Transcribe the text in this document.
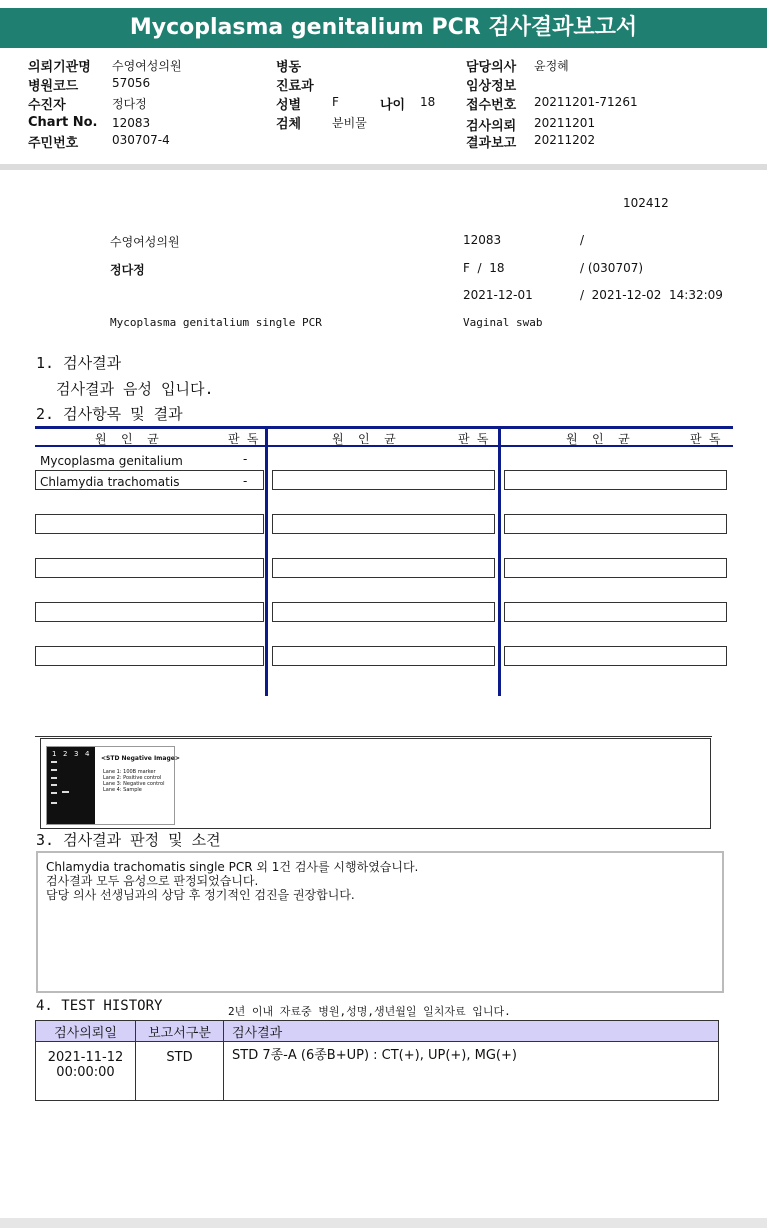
Mycoplasma genitalium PCR 검사결과보고서
의뢰기관명 수영여성의원
병원코드	57056
수진자	정다정
Chart No. 12083
주민번호	030707-4
병동
진료과
성별	F	나이 18
검체	분비물
담당의사 윤정혜
임상정보
접수번호 20211201-71261
검사의뢰 20211201
결과보고 20211202
102412
수영여성의원	12083	/
정다정	F  /  18	/ (030707)
2021-12-01	/  2021-12-02  14:32:09
Mycoplasma genitalium single PCR	Vaginal swab
1. 검사결과
검사결과 음성 입니다.
2. 검사항목 및 결과
원  인  균	판 독	원  인  균	판 독	원  인  균	판 독
Mycoplasma genitalium	-
Chlamydia trachomatis	-
1 2 3 4
<STD Negative Image>
Lane 1: 100B marker
Lane 2: Positive control
Lane 3: Negative control
Lane 4: Sample
3. 검사결과 판정 및 소견
Chlamydia trachomatis single PCR 외 1건 검사를 시행하였습니다.
검사결과 모두 음성으로 판정되었습니다.
담당 의사 선생님과의 상담 후 정기적인 검진을 권장합니다.
4. TEST HISTORY	2년 이내 자료중 병원,성명,생년월일 일치자료 입니다.
검사의뢰일	보고서구분	검사결과

2021-11-12
00:00:00	STD	STD 7종-A (6종B+UP) : CT(+), UP(+), MG(+)
